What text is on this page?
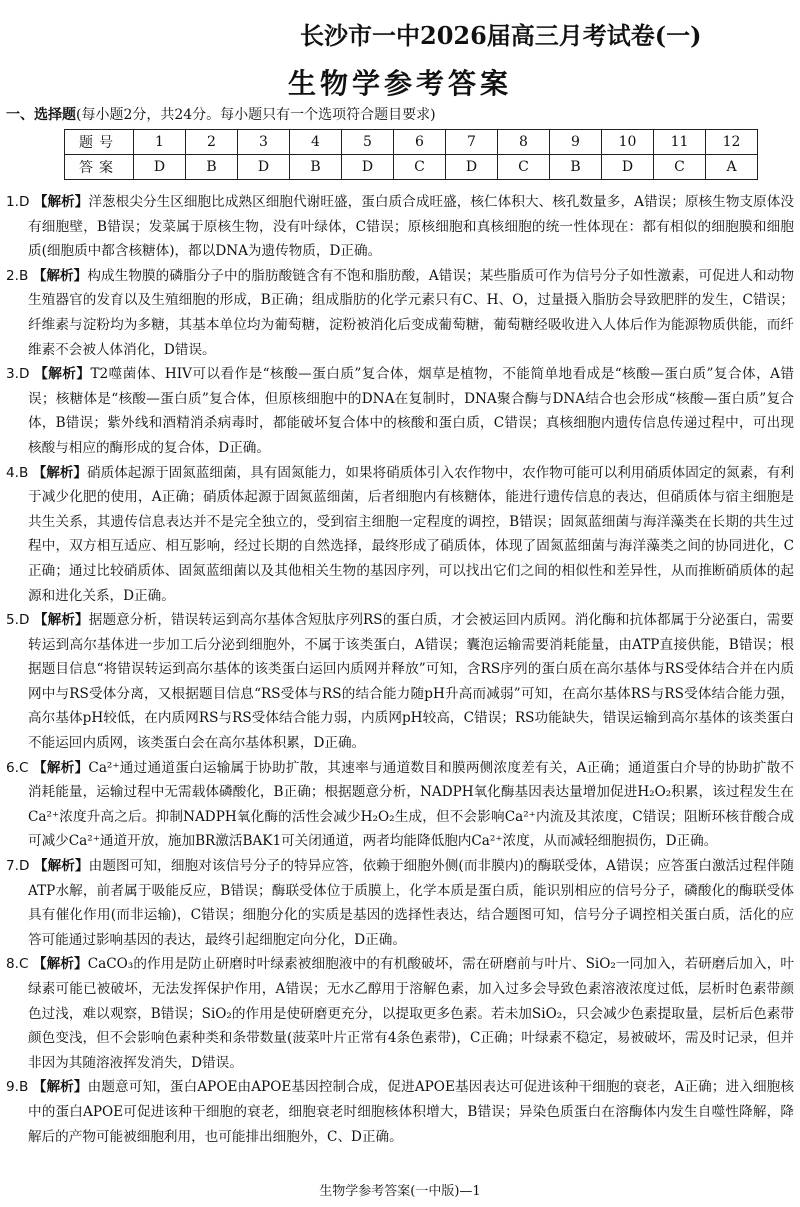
长沙市一中2026届高三月考试卷(一)
生物学参考答案
一、选择题(每小题2分，共24分。每小题只有一个选项符合题目要求)
题号	1	2	3	4	5	6	7	8	9	10	11	12
答案	D	B	D	B	D	C	D	C	B	D	C	A

1.D 【解析】洋葱根尖分生区细胞比成熟区细胞代谢旺盛，蛋白质合成旺盛，核仁体积大、核孔数量多，A错误；原核生物支原体没有细胞壁，B错误；发菜属于原核生物，没有叶绿体，C错误；原核细胞和真核细胞的统一性体现在：都有相似的细胞膜和细胞质(细胞质中都含核糖体)，都以DNA为遗传物质，D正确。

2.B 【解析】构成生物膜的磷脂分子中的脂肪酸链含有不饱和脂肪酸，A错误；某些脂质可作为信号分子如性激素，可促进人和动物生殖器官的发育以及生殖细胞的形成，B正确；组成脂肪的化学元素只有C、H、O，过量摄入脂肪会导致肥胖的发生，C错误；纤维素与淀粉均为多糖，其基本单位均为葡萄糖，淀粉被消化后变成葡萄糖，葡萄糖经吸收进入人体后作为能源物质供能，而纤维素不会被人体消化，D错误。

3.D 【解析】T2噬菌体、HIV可以看作是“核酸—蛋白质”复合体，烟草是植物，不能简单地看成是“核酸—蛋白质”复合体，A错误；核糖体是“核酸—蛋白质”复合体，但原核细胞中的DNA在复制时，DNA聚合酶与DNA结合也会形成“核酸—蛋白质”复合体，B错误；紫外线和酒精消杀病毒时，都能破坏复合体中的核酸和蛋白质，C错误；真核细胞内遗传信息传递过程中，可出现核酸与相应的酶形成的复合体，D正确。

4.B 【解析】硝质体起源于固氮蓝细菌，具有固氮能力，如果将硝质体引入农作物中，农作物可能可以利用硝质体固定的氮素，有利于减少化肥的使用，A正确；硝质体起源于固氮蓝细菌，后者细胞内有核糖体，能进行遗传信息的表达，但硝质体与宿主细胞是共生关系，其遗传信息表达并不是完全独立的，受到宿主细胞一定程度的调控，B错误；固氮蓝细菌与海洋藻类在长期的共生过程中，双方相互适应、相互影响，经过长期的自然选择，最终形成了硝质体，体现了固氮蓝细菌与海洋藻类之间的协同进化，C正确；通过比较硝质体、固氮蓝细菌以及其他相关生物的基因序列，可以找出它们之间的相似性和差异性，从而推断硝质体的起源和进化关系，D正确。

5.D 【解析】据题意分析，错误转运到高尔基体含短肽序列RS的蛋白质，才会被运回内质网。消化酶和抗体都属于分泌蛋白，需要转运到高尔基体进一步加工后分泌到细胞外，不属于该类蛋白，A错误；囊泡运输需要消耗能量，由ATP直接供能，B错误；根据题目信息“将错误转运到高尔基体的该类蛋白运回内质网并释放”可知，含RS序列的蛋白质在高尔基体与RS受体结合并在内质网中与RS受体分离，又根据题目信息“RS受体与RS的结合能力随pH升高而减弱”可知，在高尔基体RS与RS受体结合能力强，高尔基体pH较低，在内质网RS与RS受体结合能力弱，内质网pH较高，C错误；RS功能缺失，错误运输到高尔基体的该类蛋白不能运回内质网，该类蛋白会在高尔基体积累，D正确。

6.C 【解析】Ca²⁺通过通道蛋白运输属于协助扩散，其速率与通道数目和膜两侧浓度差有关，A正确；通道蛋白介导的协助扩散不消耗能量，运输过程中无需载体磷酸化，B正确；根据题意分析，NADPH氧化酶基因表达量增加促进H₂O₂积累，该过程发生在Ca²⁺浓度升高之后。抑制NADPH氧化酶的活性会减少H₂O₂生成，但不会影响Ca²⁺内流及其浓度，C错误；阻断环核苷酸合成可减少Ca²⁺通道开放，施加BR激活BAK1可关闭通道，两者均能降低胞内Ca²⁺浓度，从而减轻细胞损伤，D正确。

7.D 【解析】由题图可知，细胞对该信号分子的特异应答，依赖于细胞外侧(而非膜内)的酶联受体，A错误；应答蛋白激活过程伴随ATP水解，前者属于吸能反应，B错误；酶联受体位于质膜上，化学本质是蛋白质，能识别相应的信号分子，磷酸化的酶联受体具有催化作用(而非运输)，C错误；细胞分化的实质是基因的选择性表达，结合题图可知，信号分子调控相关蛋白质，活化的应答可能通过影响基因的表达，最终引起细胞定向分化，D正确。

8.C 【解析】CaCO₃的作用是防止研磨时叶绿素被细胞液中的有机酸破坏，需在研磨前与叶片、SiO₂一同加入，若研磨后加入，叶绿素可能已被破坏，无法发挥保护作用，A错误；无水乙醇用于溶解色素，加入过多会导致色素溶液浓度过低，层析时色素带颜色过浅，难以观察，B错误；SiO₂的作用是使研磨更充分，以提取更多色素。若未加SiO₂，只会减少色素提取量，层析后色素带颜色变浅，但不会影响色素种类和条带数量(菠菜叶片正常有4条色素带)，C正确；叶绿素不稳定，易被破坏，需及时记录，但并非因为其随溶液挥发消失，D错误。

9.B 【解析】由题意可知，蛋白APOE由APOE基因控制合成，促进APOE基因表达可促进该种干细胞的衰老，A正确；进入细胞核中的蛋白APOE可促进该种干细胞的衰老，细胞衰老时细胞核体积增大，B错误；异染色质蛋白在溶酶体内发生自噬性降解，降解后的产物可能被细胞利用，也可能排出细胞外，C、D正确。

生物学参考答案(一中版)—1
